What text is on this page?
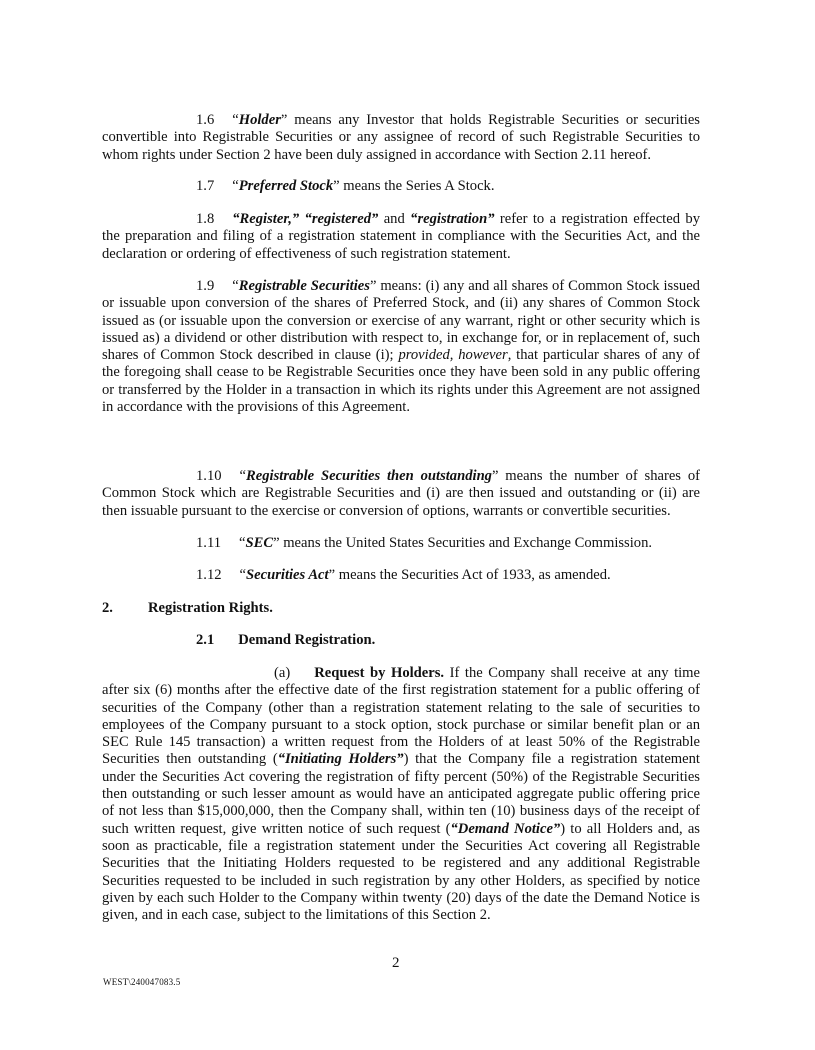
1.6 “Holder” means any Investor that holds Registrable Securities or securities convertible into Registrable Securities or any assignee of record of such Registrable Securities to whom rights under Section 2 have been duly assigned in accordance with Section 2.11 hereof.

1.7 “Preferred Stock” means the Series A Stock.

1.8 “Register,” “registered” and “registration” refer to a registration effected by the preparation and filing of a registration statement in compliance with the Securities Act, and the declaration or ordering of effectiveness of such registration statement.

1.9 “Registrable Securities” means: (i) any and all shares of Common Stock issued or issuable upon conversion of the shares of Preferred Stock, and (ii) any shares of Common Stock issued as (or issuable upon the conversion or exercise of any warrant, right or other security which is issued as) a dividend or other distribution with respect to, in exchange for, or in replacement of, such shares of Common Stock described in clause (i); provided, however, that particular shares of any of the foregoing shall cease to be Registrable Securities once they have been sold in any public offering or transferred by the Holder in a transaction in which its rights under this Agreement are not assigned in accordance with the provisions of this Agreement.

1.10 “Registrable Securities then outstanding” means the number of shares of Common Stock which are Registrable Securities and (i) are then issued and outstanding or (ii) are then issuable pursuant to the exercise or conversion of options, warrants or convertible securities.

1.11 “SEC” means the United States Securities and Exchange Commission.

1.12 “Securities Act” means the Securities Act of 1933, as amended.

2. Registration Rights.

2.1 Demand Registration.

(a) Request by Holders. If the Company shall receive at any time after six (6) months after the effective date of the first registration statement for a public offering of securities of the Company (other than a registration statement relating to the sale of securities to employees of the Company pursuant to a stock option, stock purchase or similar benefit plan or an SEC Rule 145 transaction) a written request from the Holders of at least 50% of the Registrable Securities then outstanding (“Initiating Holders”) that the Company file a registration statement under the Securities Act covering the registration of fifty percent (50%) of the Registrable Securities then outstanding or such lesser amount as would have an anticipated aggregate public offering price of not less than $15,000,000, then the Company shall, within ten (10) business days of the receipt of such written request, give written notice of such request (“Demand Notice”) to all Holders and, as soon as practicable, file a registration statement under the Securities Act covering all Registrable Securities that the Initiating Holders requested to be registered and any additional Registrable Securities requested to be included in such registration by any other Holders, as specified by notice given by each such Holder to the Company within twenty (20) days of the date the Demand Notice is given, and in each case, subject to the limitations of this Section 2.

2
WEST\240047083.5
